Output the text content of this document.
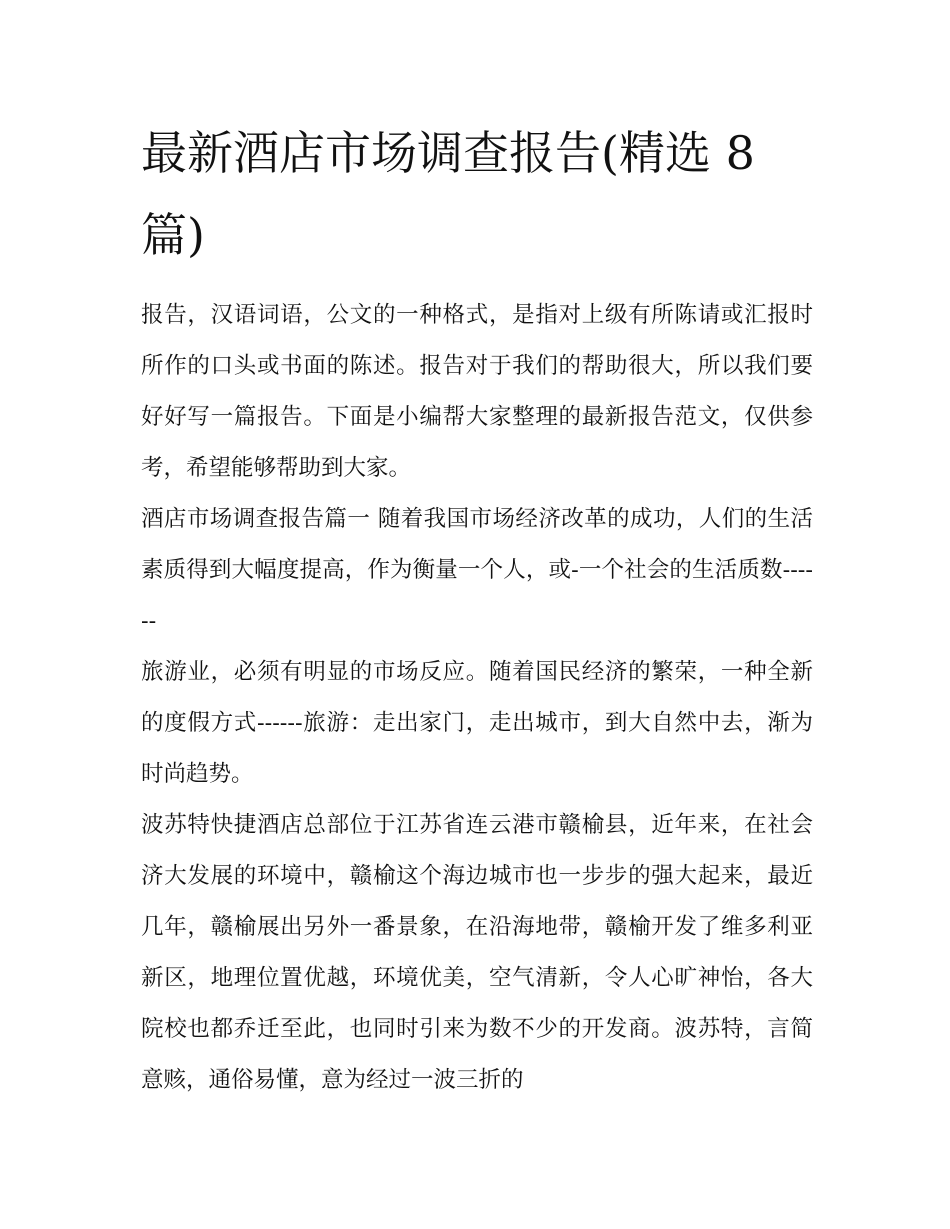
最新酒店市场调查报告(精选 8 篇)

报告，汉语词语，公文的一种格式，是指对上级有所陈请或汇报时所作的口头或书面的陈述。报告对于我们的帮助很大，所以我们要好好写一篇报告。下面是小编帮大家整理的最新报告范文，仅供参考，希望能够帮助到大家。

酒店市场调查报告篇一 随着我国市场经济改革的成功，人们的生活素质得到大幅度提高，作为衡量一个人，或-一个社会的生活质数------

旅游业，必须有明显的市场反应。随着国民经济的繁荣，一种全新的度假方式------旅游：走出家门，走出城市，到大自然中去，渐为时尚趋势。

波苏特快捷酒店总部位于江苏省连云港市赣榆县，近年来，在社会济大发展的环境中，赣榆这个海边城市也一步步的强大起来，最近几年，赣榆展出另外一番景象，在沿海地带，赣榆开发了维多利亚新区，地理位置优越，环境优美，空气清新，令人心旷神怡，各大院校也都乔迁至此，也同时引来为数不少的开发商。波苏特，言简意赅，通俗易懂，意为经过一波三折的
